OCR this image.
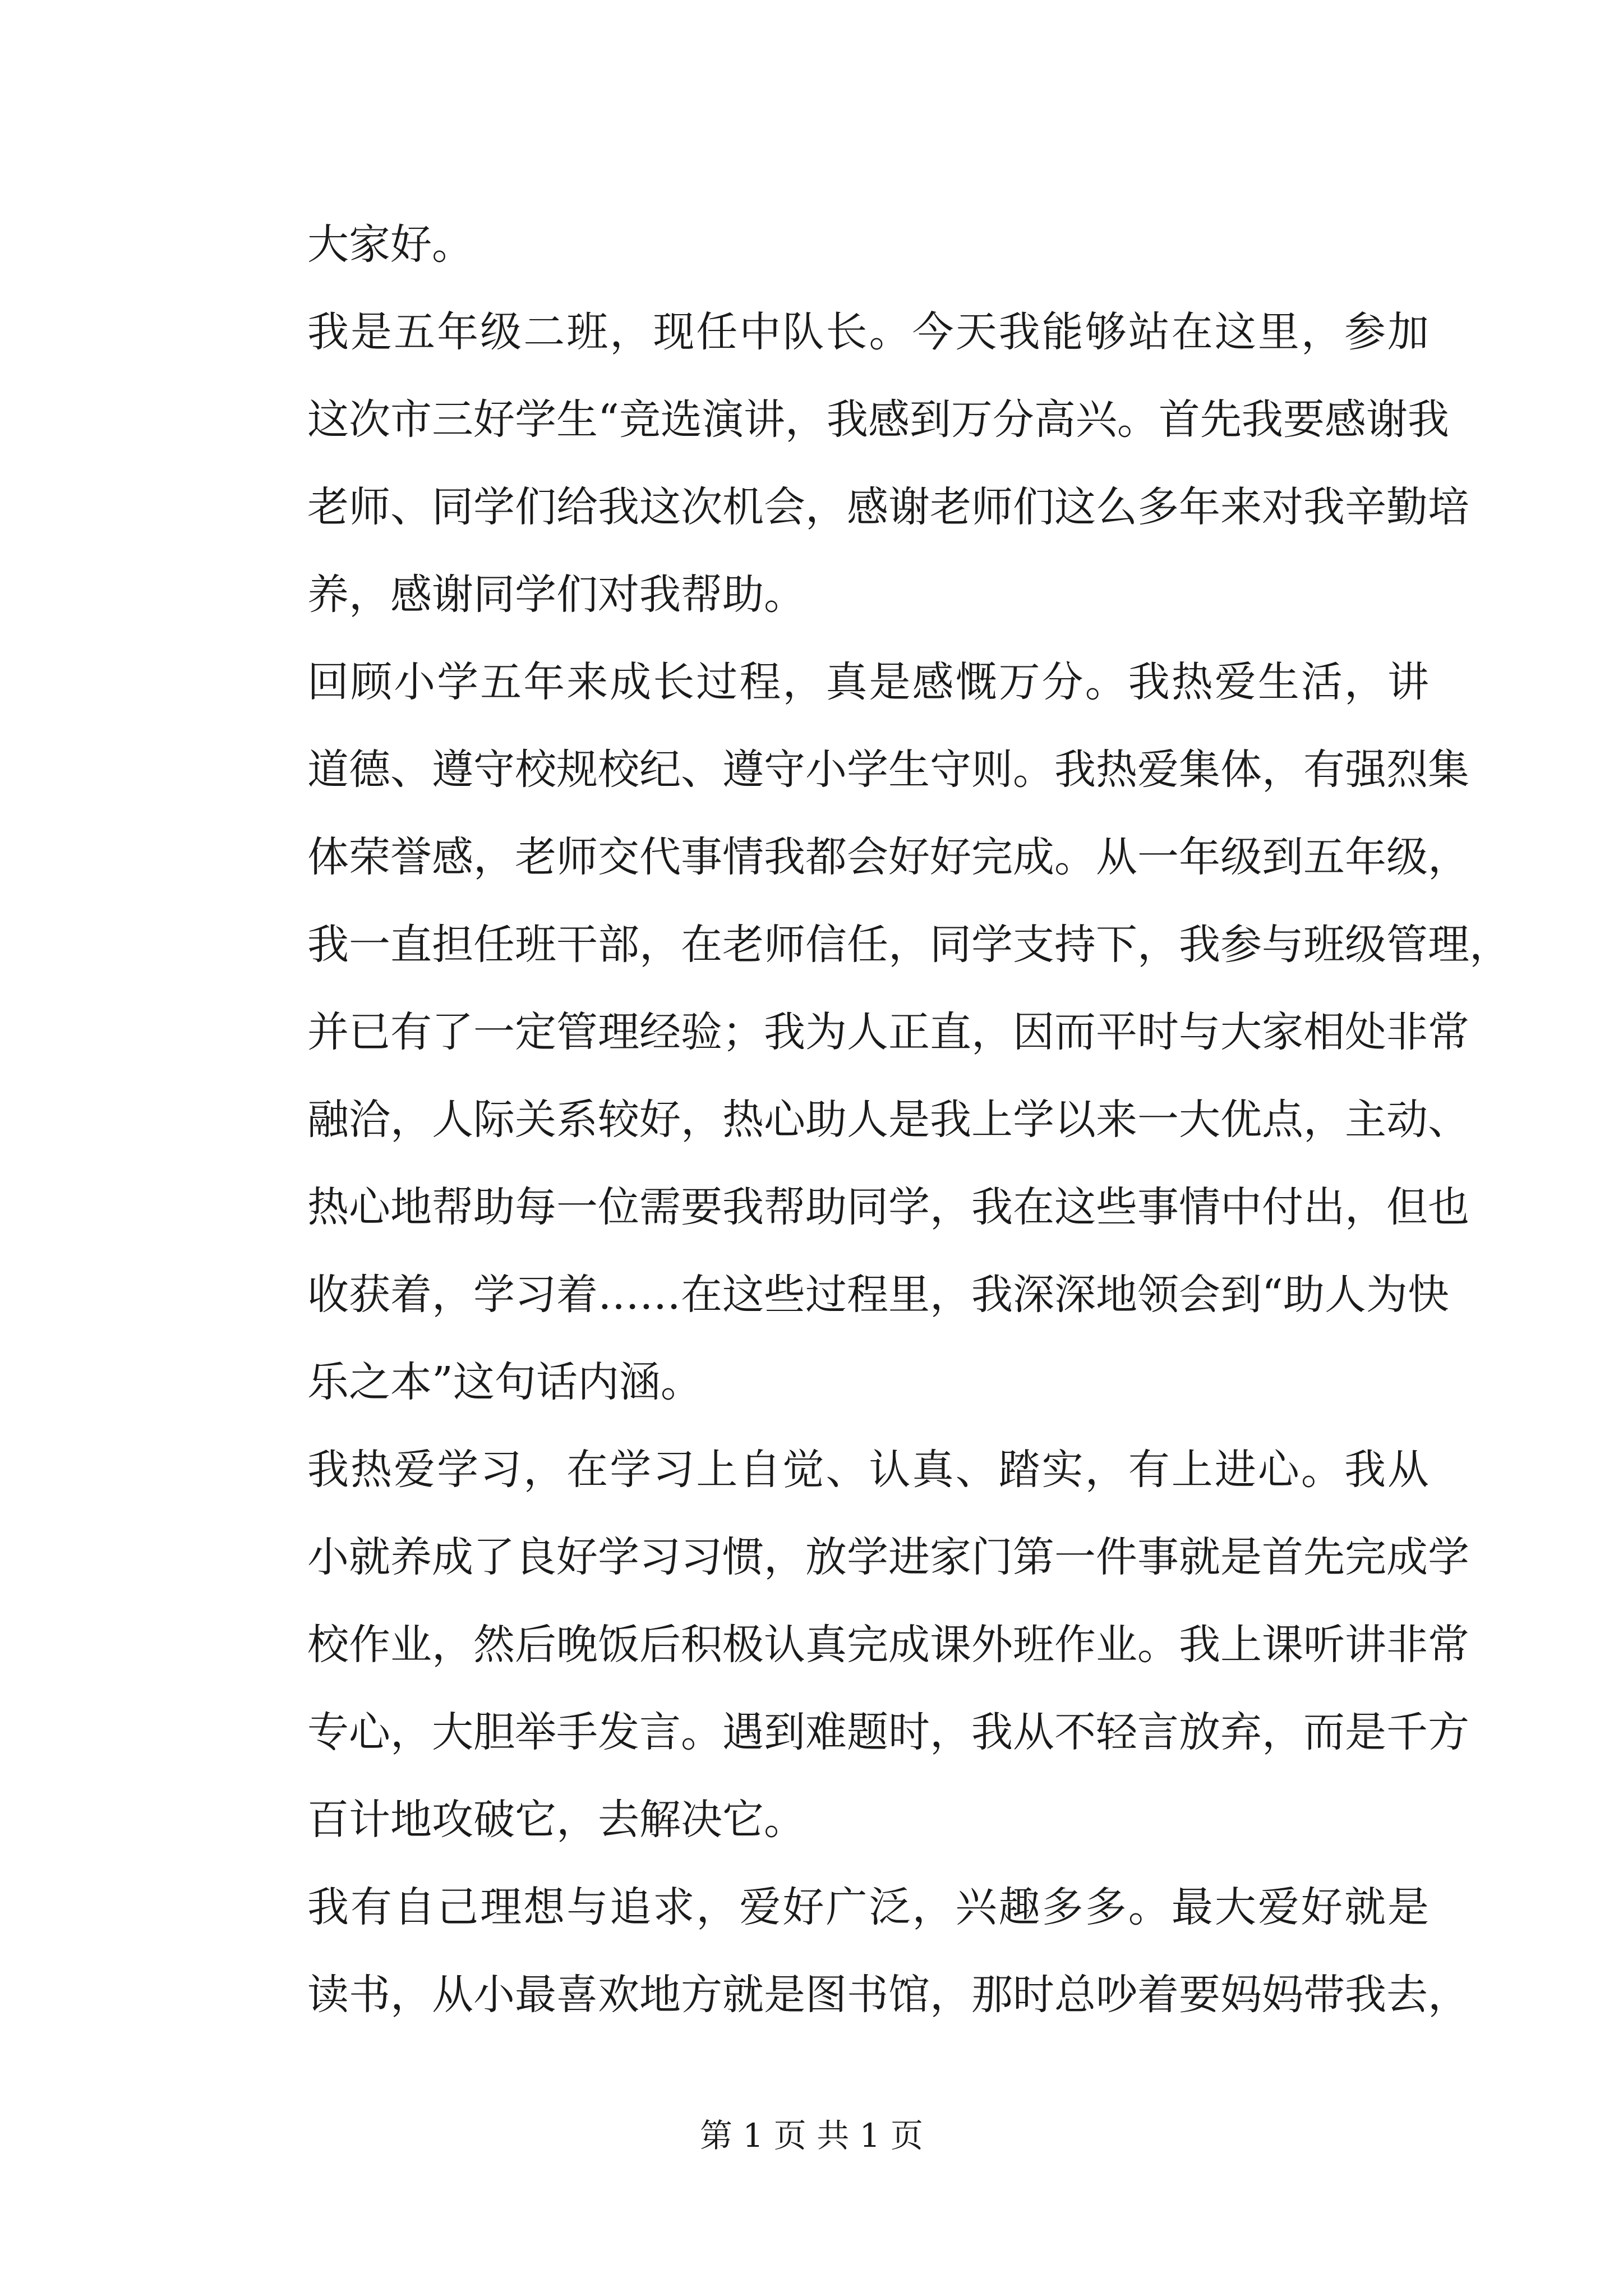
大家好。
我是五年级二班，现任中队长。今天我能够站在这里，参加
这次市三好学生“竞选演讲，我感到万分高兴。首先我要感谢我
老师、同学们给我这次机会，感谢老师们这么多年来对我辛勤培
养，感谢同学们对我帮助。
回顾小学五年来成长过程，真是感慨万分。我热爱生活，讲
道德、遵守校规校纪、遵守小学生守则。我热爱集体，有强烈集
体荣誉感，老师交代事情我都会好好完成。从一年级到五年级，
我一直担任班干部，在老师信任，同学支持下，我参与班级管理，
并已有了一定管理经验；我为人正直，因而平时与大家相处非常
融洽，人际关系较好，热心助人是我上学以来一大优点，主动、
热心地帮助每一位需要我帮助同学，我在这些事情中付出，但也
收获着，学习着……在这些过程里，我深深地领会到“助人为快
乐之本”这句话内涵。
我热爱学习，在学习上自觉、认真、踏实，有上进心。我从
小就养成了良好学习习惯，放学进家门第一件事就是首先完成学
校作业，然后晚饭后积极认真完成课外班作业。我上课听讲非常
专心，大胆举手发言。遇到难题时，我从不轻言放弃，而是千方
百计地攻破它，去解决它。
我有自己理想与追求，爱好广泛，兴趣多多。最大爱好就是
读书，从小最喜欢地方就是图书馆，那时总吵着要妈妈带我去，
第 1 页 共 1 页
